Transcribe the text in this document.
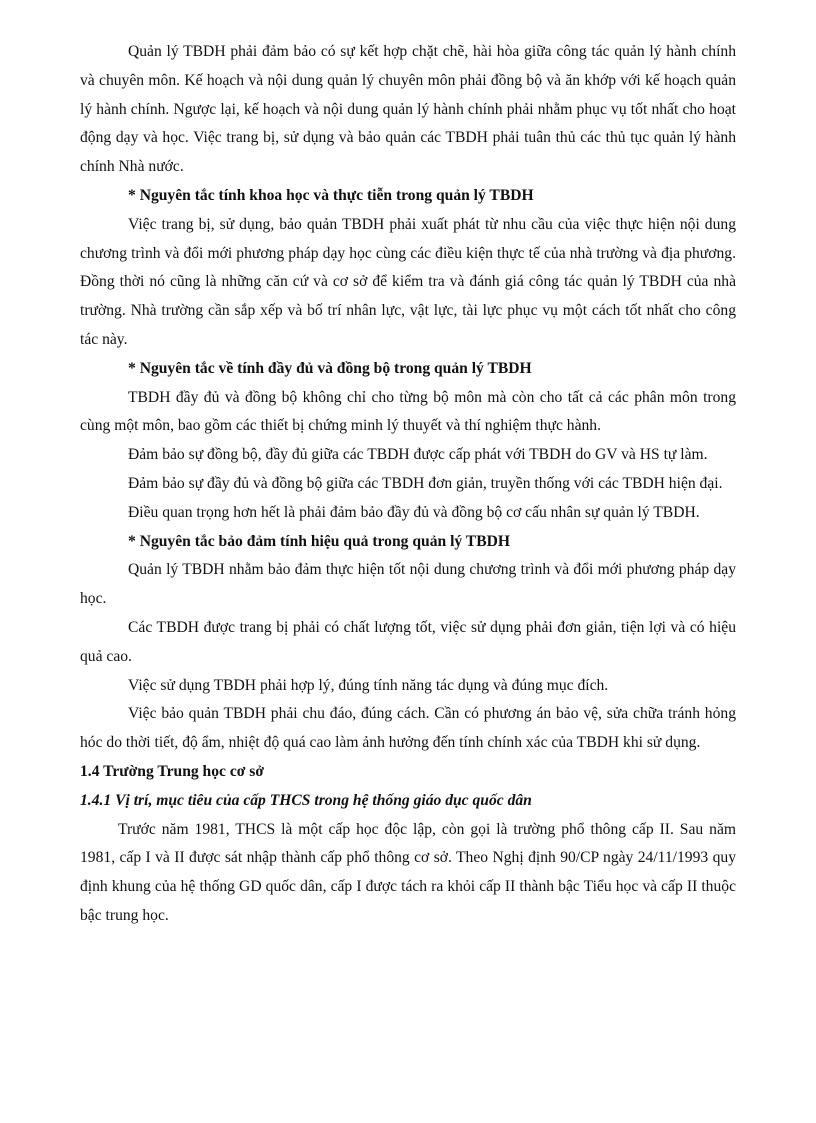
Quản lý TBDH phải đảm bảo có sự kết hợp chặt chẽ, hài hòa giữa công tác quản lý hành chính và chuyên môn. Kế hoạch và nội dung quản lý chuyên môn phải đồng bộ và ăn khớp với kế hoạch quản lý hành chính. Ngược lại, kế hoạch và nội dung quản lý hành chính phải nhằm phục vụ tốt nhất cho hoạt động dạy và học. Việc trang bị, sử dụng và bảo quản các TBDH phải tuân thủ các thủ tục quản lý hành chính Nhà nước.

* Nguyên tắc tính khoa học và thực tiễn trong quản lý TBDH

Việc trang bị, sử dụng, bảo quản TBDH phải xuất phát từ nhu cầu của việc thực hiện nội dung chương trình và đổi mới phương pháp dạy học cùng các điều kiện thực tế của nhà trường và địa phương. Đồng thời nó cũng là những căn cứ và cơ sở để kiểm tra và đánh giá công tác quản lý TBDH của nhà trường. Nhà trường cần sắp xếp và bố trí nhân lực, vật lực, tài lực phục vụ một cách tốt nhất cho công tác này.

* Nguyên tắc về tính đầy đủ và đồng bộ trong quản lý TBDH

TBDH đầy đủ và đồng bộ không chỉ cho từng bộ môn mà còn cho tất cả các phân môn trong cùng một môn, bao gồm các thiết bị chứng minh lý thuyết và thí nghiệm thực hành.

Đảm bảo sự đồng bộ, đầy đủ giữa các TBDH được cấp phát với TBDH do GV và HS tự làm.

Đảm bảo sự đầy đủ và đồng bộ giữa các TBDH đơn giản, truyền thống với các TBDH hiện đại.

Điều quan trọng hơn hết là phải đảm bảo đầy đủ và đồng bộ cơ cấu nhân sự quản lý TBDH.

* Nguyên tắc bảo đảm tính hiệu quả trong quản lý TBDH

Quản lý TBDH nhằm bảo đảm thực hiện tốt nội dung chương trình và đổi mới phương pháp dạy học.

Các TBDH được trang bị phải có chất lượng tốt, việc sử dụng phải đơn giản, tiện lợi và có hiệu quả cao.

Việc sử dụng TBDH phải hợp lý, đúng tính năng tác dụng và đúng mục đích.

Việc bảo quản TBDH phải chu đáo, đúng cách. Cần có phương án bảo vệ, sửa chữa tránh hỏng hóc do thời tiết, độ ẩm, nhiệt độ quá cao làm ảnh hưởng đến tính chính xác của TBDH khi sử dụng.

1.4 Trường Trung học cơ sở

1.4.1 Vị trí, mục tiêu của cấp THCS trong hệ thống giáo dục quốc dân

Trước năm 1981, THCS là một cấp học độc lập, còn gọi là trường phổ thông cấp II. Sau năm 1981, cấp I và II được sát nhập thành cấp phổ thông cơ sở. Theo Nghị định 90/CP ngày 24/11/1993 quy định khung của hệ thống GD quốc dân, cấp I được tách ra khỏi cấp II thành bậc Tiểu học và cấp II thuộc bậc trung học.
